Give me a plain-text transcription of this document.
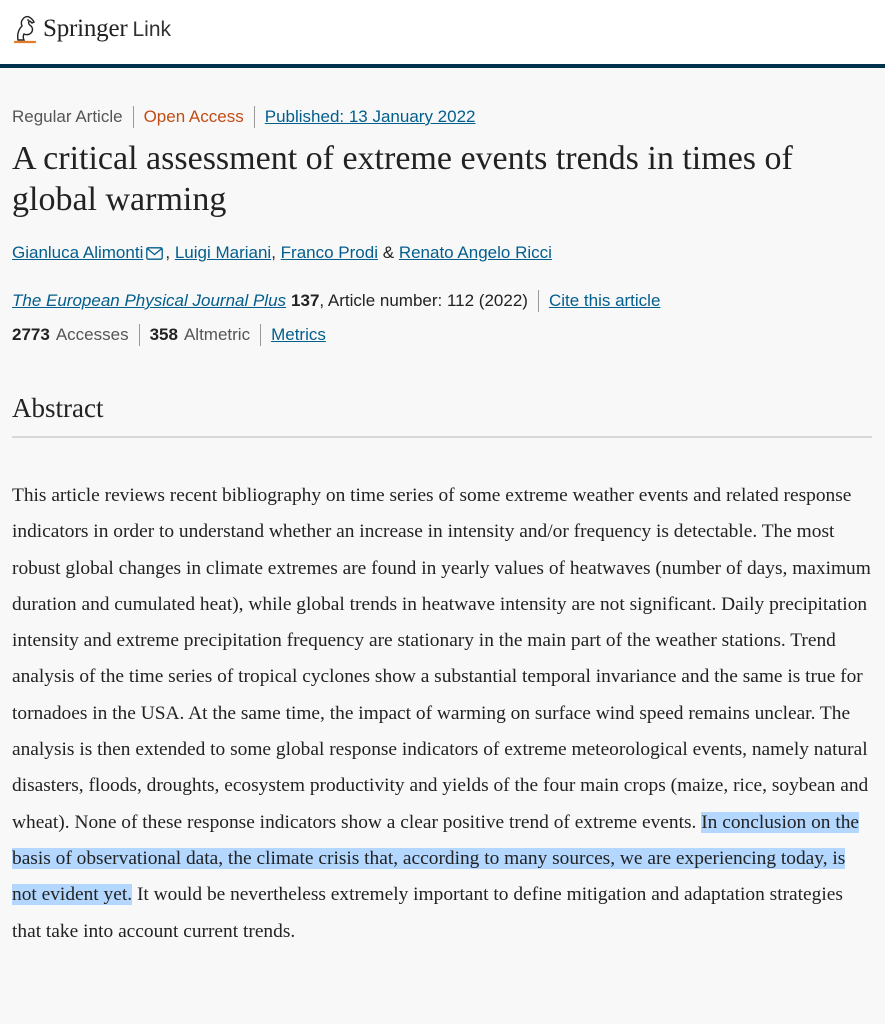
Springer Link
Regular Article Open Access Published: 13 January 2022
A critical assessment of extreme events trends in times of global warming
Gianluca Alimonti ,
Luigi Mariani ,
Franco Prodi
&
Renato Angelo Ricci
The European Physical Journal Plus 137 , Article number: 112 (2022) Cite this article
2773 Accesses 358 Altmetric Metrics
Abstract

This article reviews recent bibliography on time series of some extreme weather events and related response indicators in order to understand whether an increase in intensity and/or frequency is detectable. The most robust global changes in climate extremes are found in yearly values of heatwaves (number of days, maximum duration and cumulated heat), while global trends in heatwave intensity are not significant. Daily precipitation intensity and extreme precipitation frequency are stationary in the main part of the weather stations. Trend analysis of the time series of tropical cyclones show a substantial temporal invariance and the same is true for tornadoes in the USA. At the same time, the impact of warming on surface wind speed remains unclear. The analysis is then extended to some global response indicators of extreme meteorological events, namely natural disasters, floods, droughts, ecosystem productivity and yields of the four main crops (maize, rice, soybean and wheat). None of these response indicators show a clear positive trend of extreme events. In conclusion on the basis of observational data, the climate crisis that, according to many sources, we are experiencing today, is not evident yet. It would be nevertheless extremely important to define mitigation and adaptation strategies that take into account current trends.
